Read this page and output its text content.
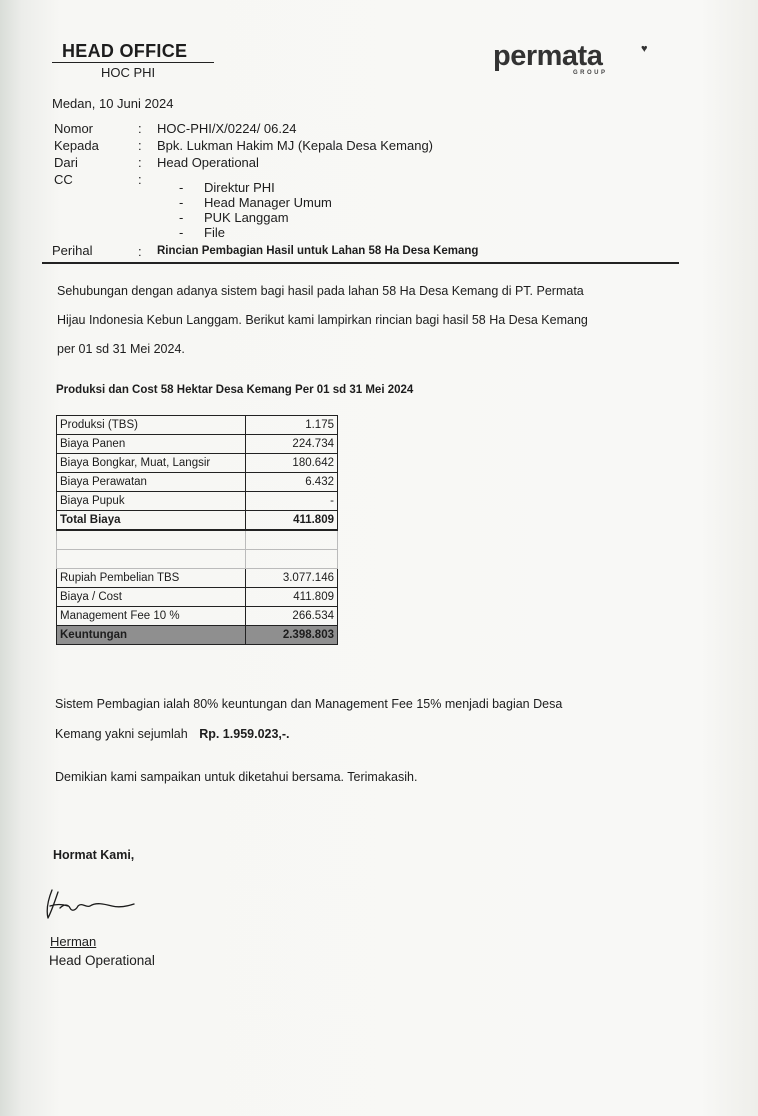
HEAD OFFICE
HOC PHI
permata	♥
GROUP
Medan, 10 Juni 2024
Nomor	: HOC-PHI/X/0224/ 06.24
Kepada	: Bpk. Lukman Hakim MJ (Kepala Desa Kemang)
Dari	: Head Operational
CC	:
- Direktur PHI
- Head Manager Umum
- PUK Langgam
- File
Perihal	: Rincian Pembagian Hasil untuk Lahan 58 Ha Desa Kemang
Sehubungan dengan adanya sistem bagi hasil pada lahan 58 Ha Desa Kemang di PT. Permata
Hijau Indonesia Kebun Langgam. Berikut kami lampirkan rincian bagi hasil 58 Ha Desa Kemang
per 01 sd 31 Mei 2024.
Produksi dan Cost 58 Hektar Desa Kemang Per 01 sd 31 Mei 2024
Produksi (TBS)	1.175
Biaya Panen	224.734
Biaya Bongkar, Muat, Langsir	180.642
Biaya Perawatan	6.432
Biaya Pupuk	-
Total Biaya	411.809

Rupiah Pembelian TBS	3.077.146
Biaya / Cost	411.809
Management Fee 10 %	266.534
Keuntungan	2.398.803
Sistem Pembagian ialah 80% keuntungan dan Management Fee 15% menjadi bagian Desa
Kemang yakni sejumlah Rp. 1.959.023,-.
Demikian kami sampaikan untuk diketahui bersama. Terimakasih.
Hormat Kami,
Herman
Head Operational
